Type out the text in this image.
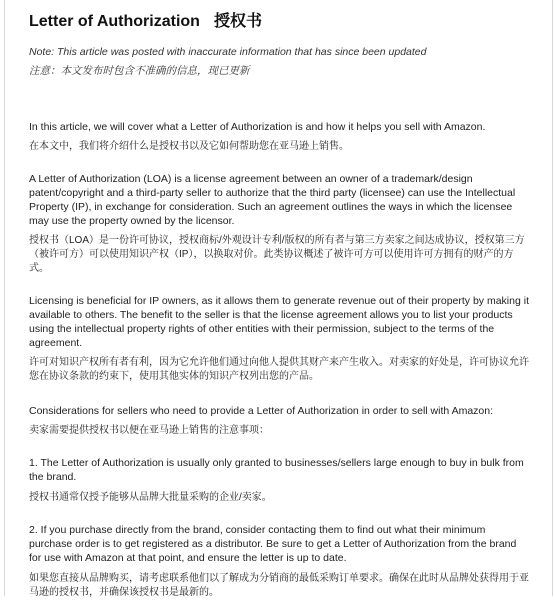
Letter of Authorization 授权书
Note: This article was posted with inaccurate information that has since been updated
注意：本文发布时包含不准确的信息，现已更新

In this article, we will cover what a Letter of Authorization is and how it helps you sell with Amazon.

在本文中，我们将介绍什么是授权书以及它如何帮助您在亚马逊上销售。

A Letter of Authorization (LOA) is a license agreement between an owner of a trademark/design patent/copyright and a third-party seller to authorize that the third party (licensee) can use the Intellectual Property (IP), in exchange for consideration. Such an agreement outlines the ways in which the licensee may use the property owned by the licensor.

授权书（LOA）是一份许可协议，授权商标/外观设计专利/版权的所有者与第三方卖家之间达成协议，授权第三方（被许可方）可以使用知识产权（IP），以换取对价。此类协议概述了被许可方可以使用许可方拥有的财产的方式。

Licensing is beneficial for IP owners, as it allows them to generate revenue out of their property by making it available to others. The benefit to the seller is that the license agreement allows you to list your products using the intellectual property rights of other entities with their permission, subject to the terms of the agreement.

许可对知识产权所有者有利，因为它允许他们通过向他人提供其财产来产生收入。对卖家的好处是，许可协议允许您在协议条款的约束下，使用其他实体的知识产权列出您的产品。

Considerations for sellers who need to provide a Letter of Authorization in order to sell with Amazon:

卖家需要提供授权书以便在亚马逊上销售的注意事项：

1. The Letter of Authorization is usually only granted to businesses/sellers large enough to buy in bulk from the brand.

授权书通常仅授予能够从品牌大批量采购的企业/卖家。

2. If you purchase directly from the brand, consider contacting them to find out what their minimum purchase order is to get registered as a distributor. Be sure to get a Letter of Authorization from the brand for use with Amazon at that point, and ensure the letter is up to date.

如果您直接从品牌购买，请考虑联系他们以了解成为分销商的最低采购订单要求。确保在此时从品牌处获得用于亚马逊的授权书，并确保该授权书是最新的。
